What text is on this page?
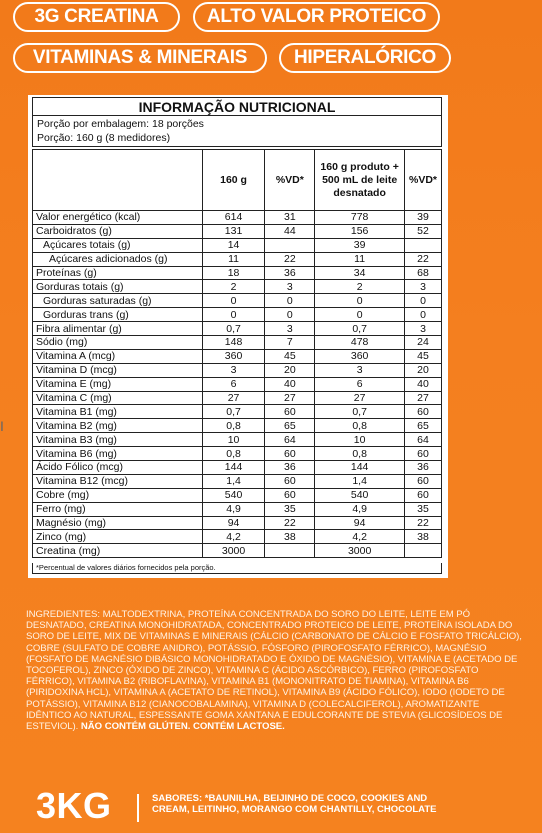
3G CREATINA	ALTO VALOR PROTEICO
VITAMINAS & MINERAIS	HIPERALÓRICO
I
INFORMAÇÃO NUTRICIONAL
Porção por embalagem: 18 porções
Porção: 160 g (8 medidores)
	160 g	%VD*	160 g produto + 500 mL de leite desnatado	%VD*
Valor energético (kcal)	614	31	778	39
Carboidratos (g)	131	44	156	52
Açúcares totais (g)	14		39	
Açúcares adicionados (g)	11	22	11	22
Proteínas (g)	18	36	34	68
Gorduras totais (g)	2	3	2	3
Gorduras saturadas (g)	0	0	0	0
Gorduras trans (g)	0	0	0	0
Fibra alimentar (g)	0,7	3	0,7	3
Sódio (mg)	148	7	478	24
Vitamina A (mcg)	360	45	360	45
Vitamina D (mcg)	3	20	3	20
Vitamina E (mg)	6	40	6	40
Vitamina C (mg)	27	27	27	27
Vitamina B1 (mg)	0,7	60	0,7	60
Vitamina B2 (mg)	0,8	65	0,8	65
Vitamina B3 (mg)	10	64	10	64
Vitamina B6 (mg)	0,8	60	0,8	60
Ácido Fólico (mcg)	144	36	144	36
Vitamina B12 (mcg)	1,4	60	1,4	60
Cobre (mg)	540	60	540	60
Ferro (mg)	4,9	35	4,9	35
Magnésio (mg)	94	22	94	22
Zinco (mg)	4,2	38	4,2	38
Creatina (mg)	3000		3000	
*Percentual de valores diários fornecidos pela porção.
INGREDIENTES: MALTODEXTRINA, PROTEÍNA CONCENTRADA DO SORO DO LEITE, LEITE EM PÓ DESNATADO, CREATINA MONOHIDRATADA, CONCENTRADO PROTEICO DE LEITE, PROTEÍNA ISOLADA DO SORO DE LEITE, MIX DE VITAMINAS E MINERAIS (CÁLCIO (CARBONATO DE CÁLCIO E FOSFATO TRICÁLCIO), COBRE (SULFATO DE COBRE ANIDRO), POTÁSSIO, FÓSFORO (PIROFOSFATO FÉRRICO), MAGNÉSIO (FOSFATO DE MAGNÉSIO DIBÁSICO MONOHIDRATADO E ÓXIDO DE MAGNÉSIO), VITAMINA E (ACETADO DE TOCOFEROL), ZINCO (ÓXIDO DE ZINCO), VITAMINA C (ÁCIDO ASCÓRBICO), FERRO (PIROFOSFATO FÉRRICO), VITAMINA B2 (RIBOFLAVINA), VITAMINA B1 (MONONITRATO DE TIAMINA), VITAMINA B6 (PIRIDOXINA HCL), VITAMINA A (ACETATO DE RETINOL), VITAMINA B9 (ÁCIDO FÓLICO), IODO (IODETO DE POTÁSSIO), VITAMINA B12 (CIANOCOBALAMINA), VITAMINA D (COLECALCIFEROL), AROMATIZANTE IDÊNTICO AO NATURAL, ESPESSANTE GOMA XANTANA E EDULCORANTE DE STEVIA (GLICOSÍDEOS DE ESTEVIOL). NÃO CONTÉM GLÚTEN. CONTÉM LACTOSE.
3KG	SABORES: *BAUNILHA, BEIJINHO DE COCO, COOKIES AND CREAM, LEITINHO, MORANGO COM CHANTILLY, CHOCOLATE
